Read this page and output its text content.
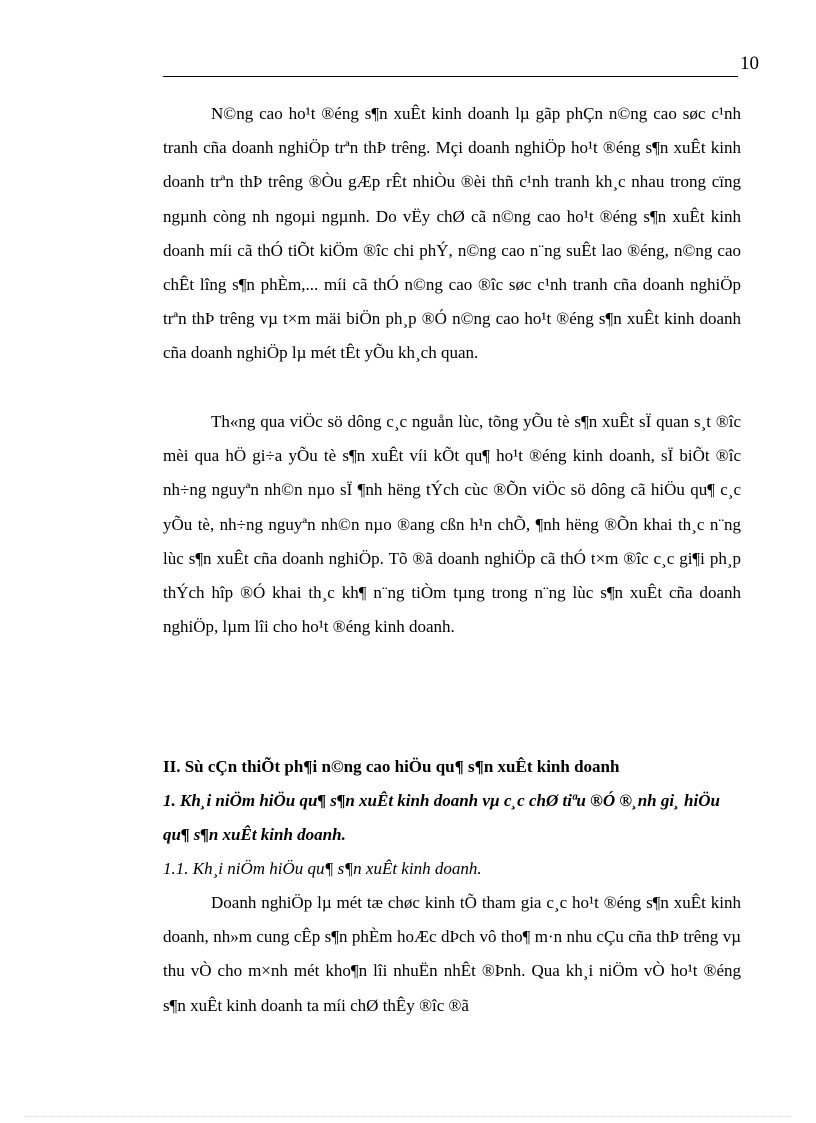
10

N©ng cao ho¹t ®éng s¶n xuÊt kinh doanh lµ gãp phÇn n©ng cao søc c¹nh tranh cña doanh nghiÖp trªn thÞ trêng. Mçi doanh nghiÖp ho¹t ®éng s¶n xuÊt kinh doanh trªn thÞ trêng ®Òu gÆp rÊt nhiÒu ®èi thñ c¹nh tranh kh¸c nhau trong cïng ngµnh còng nh ngoµi ngµnh. Do vËy chØ cã n©ng cao ho¹t ®éng s¶n xuÊt kinh doanh míi cã thÓ tiÕt kiÖm ®îc chi phÝ, n©ng cao n¨ng suÊt lao ®éng, n©ng cao chÊt lîng s¶n phÈm,... míi cã thÓ n©ng cao ®îc søc c¹nh tranh cña doanh nghiÖp trªn thÞ trêng vµ t×m mäi biÖn ph¸p ®Ó n©ng cao ho¹t ®éng s¶n xuÊt kinh doanh cña doanh nghiÖp lµ mét tÊt yÕu kh¸ch quan.

Th«ng qua viÖc sö dông c¸c nguån lùc, tõng yÕu tè s¶n xuÊt sÏ quan s¸t ®îc mèi qua hÖ gi÷a yÕu tè s¶n xuÊt víi kÕt qu¶ ho¹t ®éng kinh doanh, sÏ biÕt ®îc nh÷ng nguyªn nh©n nµo sÏ ¶nh hëng tÝch cùc ®Õn viÖc sö dông cã hiÖu qu¶ c¸c yÕu tè, nh÷ng nguyªn nh©n nµo ®ang cßn h¹n chÕ, ¶nh hëng ®Õn khai th¸c n¨ng lùc s¶n xuÊt cña doanh nghiÖp. Tõ ®ã doanh nghiÖp cã thÓ t×m ®îc c¸c gi¶i ph¸p thÝch hîp ®Ó khai th¸c kh¶ n¨ng tiÒm tµng trong n¨ng lùc s¶n xuÊt cña doanh nghiÖp, lµm lîi cho ho¹t ®éng kinh doanh.

II. Sù cÇn thiÕt ph¶i n©ng cao hiÖu qu¶ s¶n xuÊt kinh doanh
1. Kh¸i niÖm hiÖu qu¶ s¶n xuÊt kinh doanh vµ c¸c chØ tiªu ®Ó ®¸nh gi¸ hiÖu qu¶ s¶n xuÊt kinh doanh.
1.1. Kh¸i niÖm hiÖu qu¶ s¶n xuÊt kinh doanh.

Doanh nghiÖp lµ mét tæ chøc kinh tÕ tham gia c¸c ho¹t ®éng s¶n xuÊt kinh doanh, nh»m cung cÊp s¶n phÈm hoÆc dÞch vô tho¶ m·n nhu cÇu cña thÞ trêng vµ thu vÒ cho m×nh mét kho¶n lîi nhuËn nhÊt ®Þnh. Qua kh¸i niÖm vÒ ho¹t ®éng s¶n xuÊt kinh doanh ta míi chØ thÊy ®îc ®ã
